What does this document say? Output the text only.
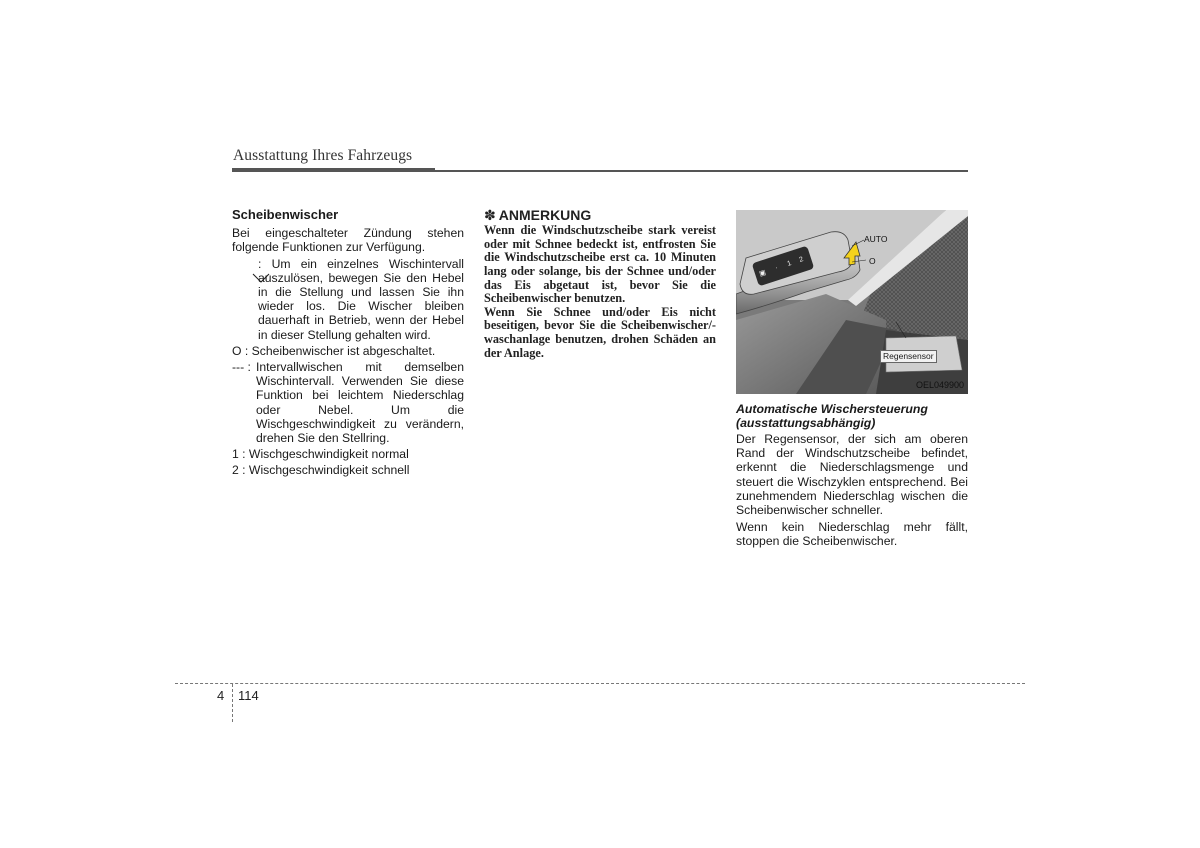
Ausstattung Ihres Fahrzeugs
Scheibenwischer

Bei eingeschalteter Zündung stehen folgende Funktionen zur Verfügung.

: Um ein einzelnes Wischintervall auszulösen, bewegen Sie den Hebel in die Stellung und lassen Sie ihn wieder los. Die Wischer bleiben dauerhaft in Betrieb, wenn der Hebel in dieser Stellung gehalten wird.
O : Scheibenwischer ist abgeschaltet.
--- : Intervallwischen mit demselben Wischintervall. Verwenden Sie diese Funktion bei leichtem Niederschlag oder Nebel. Um die Wischgeschwindigkeit zu verändern, drehen Sie den Stellring.
1 : Wischgeschwindigkeit normal
2 : Wischgeschwindigkeit schnell
✽ ANMERKUNG

Wenn die Windschutzscheibe stark vereist oder mit Schnee bedeckt ist, entfrosten Sie die Windschutzscheibe erst ca. 10 Minuten lang oder solange, bis der Schnee und/oder das Eis abgetaut ist, bevor Sie die Scheibenwischer benutzen.

Wenn Sie Schnee und/oder Eis nicht beseitigen, bevor Sie die Scheibenwischer/-waschanlage benutzen, drohen Schäden an der Anlage.

▣
·
1
2
AUTO
O
Regensensor
OEL049900

Automatische Wischersteuerung (ausstattungsabhängig)

Der Regensensor, der sich am oberen Rand der Windschutzscheibe befindet, erkennt die Niederschlagsmenge und steuert die Wischzyklen entsprechend. Bei zunehmendem Niederschlag wischen die Scheibenwischer schneller.

Wenn kein Niederschlag mehr fällt, stoppen die Scheibenwischer.

4 114
